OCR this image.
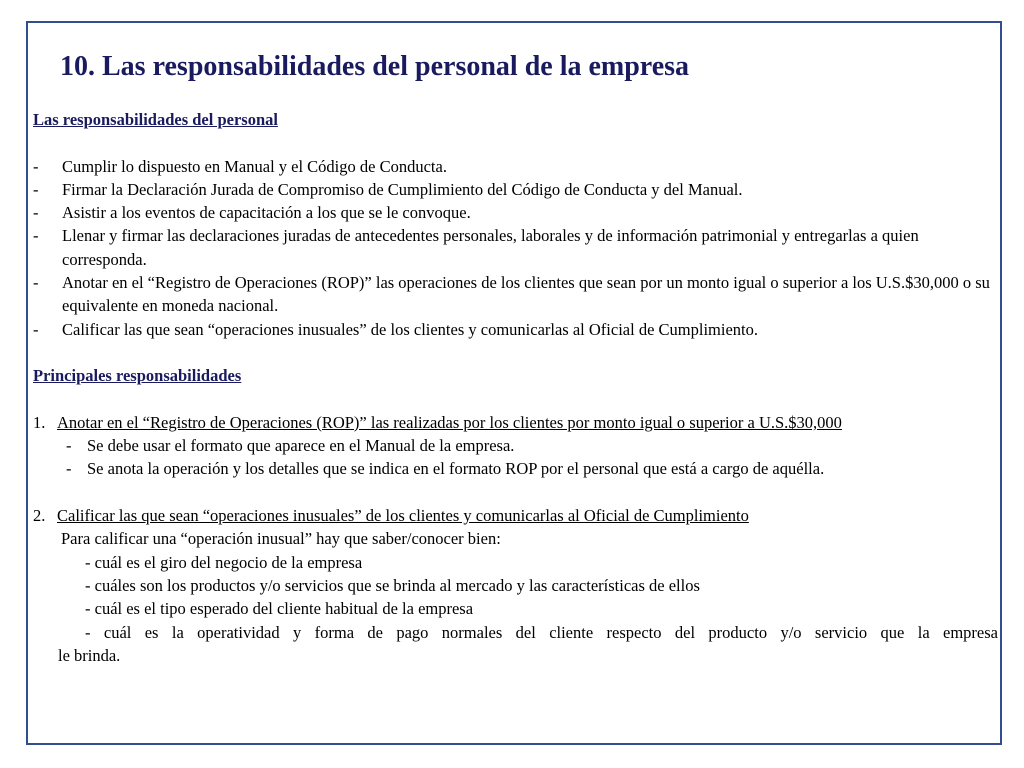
10. Las responsabilidades del personal de la empresa
Las responsabilidades del personal
- Cumplir lo dispuesto en Manual y el Código de Conducta.
- Firmar la Declaración Jurada de Compromiso de Cumplimiento del Código de Conducta y del Manual.
- Asistir a los eventos de capacitación a los que se le convoque.
- Llenar y firmar las declaraciones juradas de antecedentes personales, laborales y de información patrimonial y entregarlas a quien corresponda.
- Anotar en el “Registro de Operaciones (ROP)” las operaciones de los clientes que sean por un monto igual o superior a los U.S.$30,000 o su equivalente en moneda nacional.
- Calificar las que sean “operaciones inusuales” de los clientes y comunicarlas al Oficial de Cumplimiento.
Principales responsabilidades
1. Anotar en el “Registro de Operaciones (ROP)” las realizadas por los clientes por monto igual o superior a U.S.$30,000
- Se debe usar el formato que aparece en el Manual de la empresa.
- Se anota la operación y los detalles que se indica en el formato ROP por el personal que está a cargo de aquélla.
2. Calificar las que sean “operaciones inusuales” de los clientes y comunicarlas al Oficial de Cumplimiento
Para calificar una “operación inusual” hay que saber/conocer bien:
- cuál es el giro del negocio de la empresa
- cuáles son los productos y/o servicios que se brinda al mercado y las características de ellos
- cuál es el tipo esperado del cliente habitual de la empresa
- cuál es la operatividad y forma de pago normales del cliente respecto del producto y/o servicio que la empresa
le brinda.
